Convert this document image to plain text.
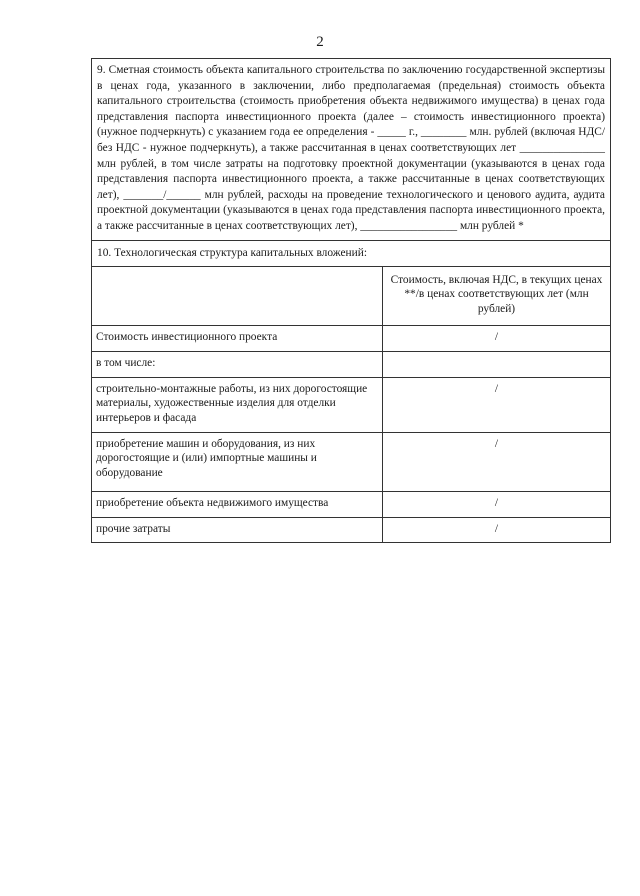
2
9. Сметная стоимость объекта капитального строительства по заключению государственной экспертизы в ценах года, указанного в заключении, либо предполагаемая (предельная) стоимость объекта капитального строительства (стоимость приобретения объекта недвижимого имущества) в ценах года представления паспорта инвестиционного проекта (далее – стоимость инвестиционного проекта) (нужное подчеркнуть) с указанием года ее определения - _____ г., ________ млн. рублей (включая НДС/без НДС - нужное подчеркнуть), а также рассчитанная в ценах соответствующих лет _______________ млн рублей, в том числе затраты на подготовку проектной документации (указываются в ценах года представления паспорта инвестиционного проекта, а также рассчитанные в ценах соответствующих лет), _______/______ млн рублей, расходы на проведение технологического и ценового аудита, аудита проектной документации (указываются в ценах года представления паспорта инвестиционного проекта, а также рассчитанные в ценах соответствующих лет), _________________ млн рублей *
10. Технологическая структура капитальных вложений:
	Стоимость, включая НДС, в текущих ценах **/в ценах соответствующих лет (млн рублей)
Стоимость инвестиционного проекта	/
в том числе:	
строительно-монтажные работы, из них дорогостоящие материалы, художественные изделия для отделки интерьеров и фасада	/
приобретение машин и оборудования, из них дорогостоящие и (или) импортные машины и оборудование	/
приобретение объекта недвижимого имущества	/
прочие затраты	/
